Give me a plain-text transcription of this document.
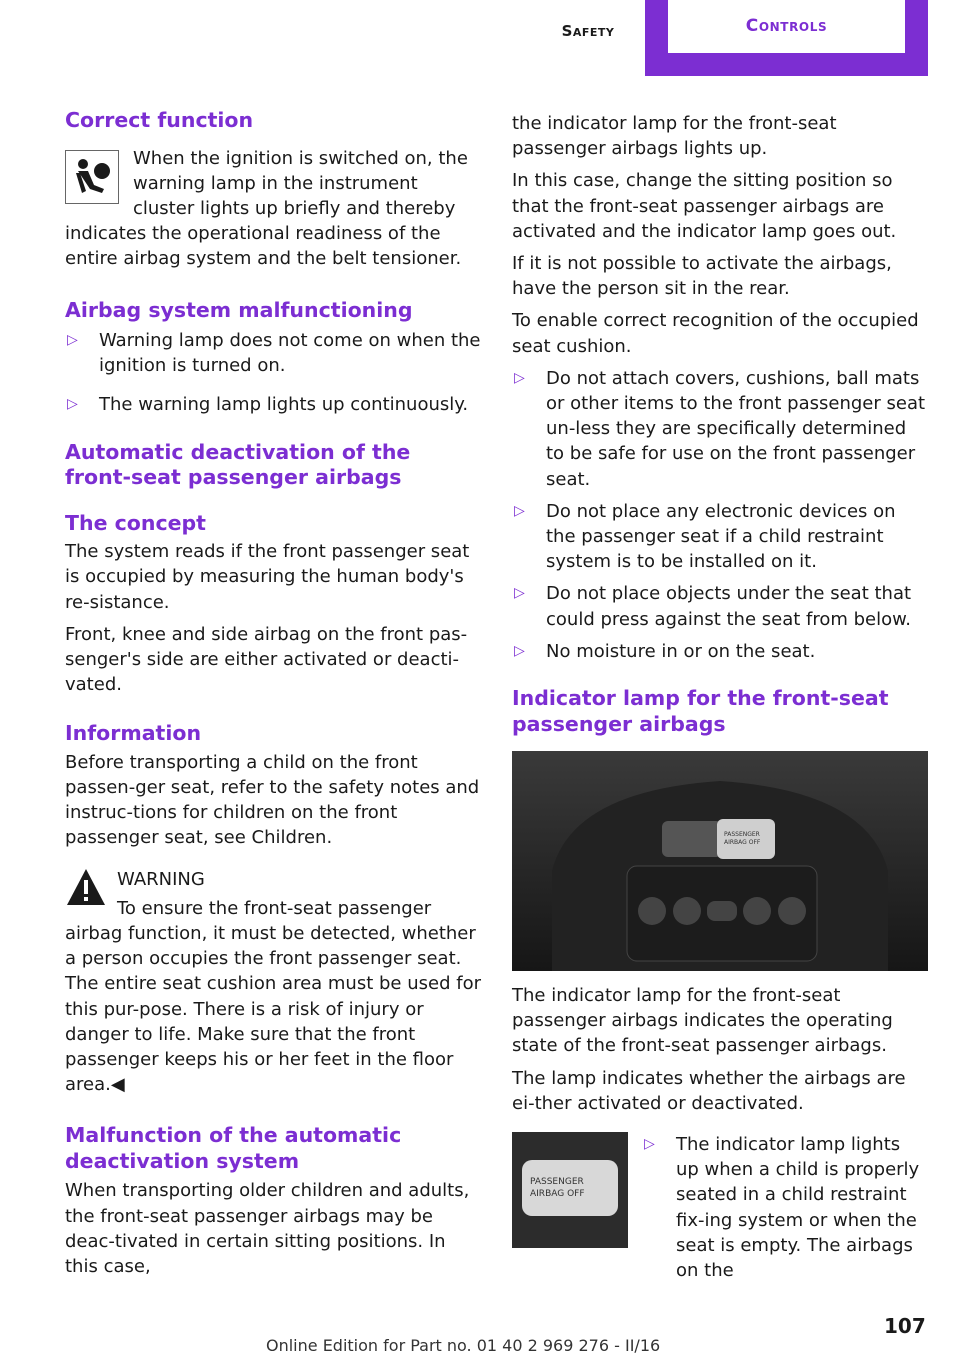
Safety	Controls
Correct function

When the ignition is switched on, the warning lamp in the instrument cluster lights up briefly and thereby indicates the operational readiness of the entire airbag system and the belt tensioner.

Airbag system malfunctioning
▷ Warning lamp does not come on when the ignition is turned on.
▷ The warning lamp lights up continuously.
Automatic deactivation of the front-seat passenger airbags
The concept

The system reads if the front passenger seat is occupied by measuring the human body's re-sistance.

Front, knee and side airbag on the front pas-senger's side are either activated or deacti-vated.

Information

Before transporting a child on the front passen-ger seat, refer to the safety notes and instruc-tions for children on the front passenger seat, see Children.

WARNING

To ensure the front-seat passenger airbag function, it must be detected, whether a person occupies the front passenger seat. The entire seat cushion area must be used for this pur-pose. There is a risk of injury or danger to life. Make sure that the front passenger keeps his or her feet in the floor area.◀

Malfunction of the automatic deactivation system

When transporting older children and adults, the front-seat passenger airbags may be deac-tivated in certain sitting positions. In this case,

the indicator lamp for the front-seat passenger airbags lights up.

In this case, change the sitting position so that the front-seat passenger airbags are activated and the indicator lamp goes out.

If it is not possible to activate the airbags, have the person sit in the rear.

To enable correct recognition of the occupied seat cushion.

▷ Do not attach covers, cushions, ball mats or other items to the front passenger seat un-less they are specifically determined to be safe for use on the front passenger seat.
▷ Do not place any electronic devices on the passenger seat if a child restraint system is to be installed on it.
▷ Do not place objects under the seat that could press against the seat from below.
▷ No moisture in or on the seat.
Indicator lamp for the front-seat passenger airbags
PASSENGER
AIRBAG OFF

The indicator lamp for the front-seat passenger airbags indicates the operating state of the front-seat passenger airbags.

The lamp indicates whether the airbags are ei-ther activated or deactivated.

PASSENGER
AIRBAG OFF
▷ The indicator lamp lights up when a child is properly seated in a child restraint fix-ing system or when the seat is empty. The airbags on the
107
Online Edition for Part no. 01 40 2 969 276 - II/16
